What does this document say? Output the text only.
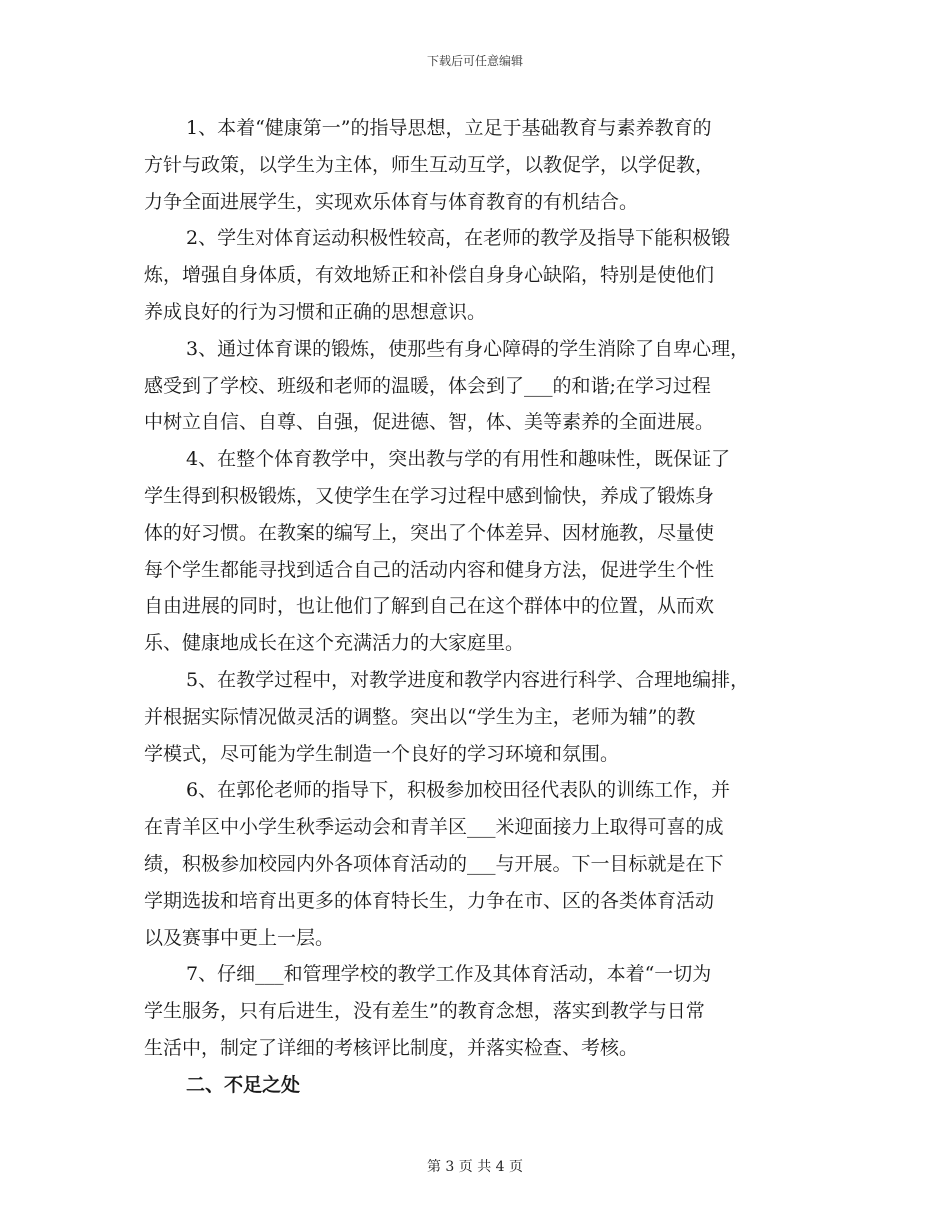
下载后可任意编辑
1、本着“健康第一”的指导思想，立足于基础教育与素养教育的
方针与政策，以学生为主体，师生互动互学，以教促学，以学促教，
力争全面进展学生，实现欢乐体育与体育教育的有机结合。
2、学生对体育运动积极性较高，在老师的教学及指导下能积极锻
炼，增强自身体质，有效地矫正和补偿自身身心缺陷，特别是使他们
养成良好的行为习惯和正确的思想意识。
3、通过体育课的锻炼，使那些有身心障碍的学生消除了自卑心理，
感受到了学校、班级和老师的温暖，体会到了___的和谐;在学习过程
中树立自信、自尊、自强，促进德、智，体、美等素养的全面进展。
4、在整个体育教学中，突出教与学的有用性和趣味性，既保证了
学生得到积极锻炼，又使学生在学习过程中感到愉快，养成了锻炼身
体的好习惯。在教案的编写上，突出了个体差异、因材施教，尽量使
每个学生都能寻找到适合自己的活动内容和健身方法，促进学生个性
自由进展的同时，也让他们了解到自己在这个群体中的位置，从而欢
乐、健康地成长在这个充满活力的大家庭里。
5、在教学过程中，对教学进度和教学内容进行科学、合理地编排，
并根据实际情况做灵活的调整。突出以“学生为主，老师为辅”的教
学模式，尽可能为学生制造一个良好的学习环境和氛围。
6、在郭伦老师的指导下，积极参加校田径代表队的训练工作，并
在青羊区中小学生秋季运动会和青羊区___米迎面接力上取得可喜的成
绩，积极参加校园内外各项体育活动的___与开展。下一目标就是在下
学期选拔和培育出更多的体育特长生，力争在市、区的各类体育活动
以及赛事中更上一层。
7、仔细___和管理学校的教学工作及其体育活动，本着“一切为
学生服务，只有后进生，没有差生”的教育念想，落实到教学与日常
生活中，制定了详细的考核评比制度，并落实检查、考核。
二、不足之处
第 3 页 共 4 页
